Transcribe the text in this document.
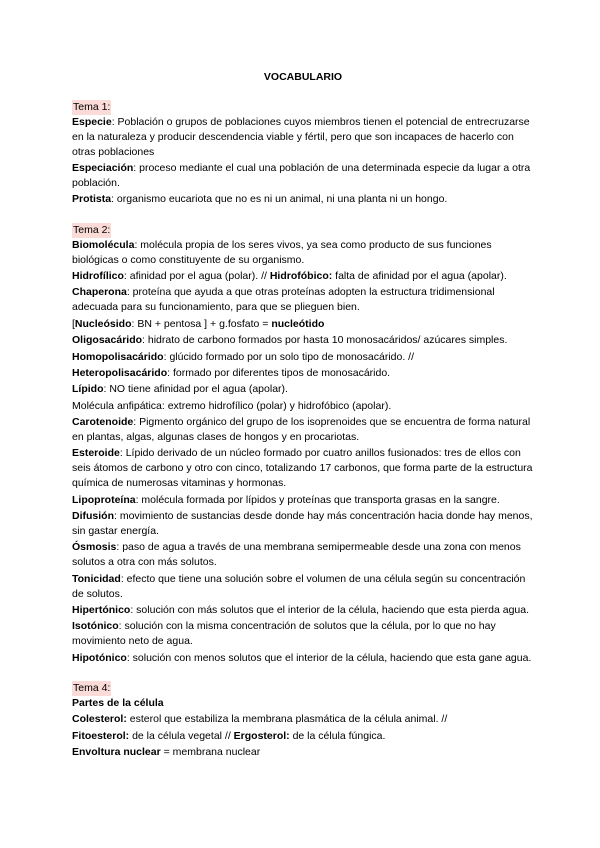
VOCABULARIO
Tema 1:
Especie: Población o grupos de poblaciones cuyos miembros tienen el potencial de entrecruzarse en la naturaleza y producir descendencia viable y fértil, pero que son incapaces de hacerlo con otras poblaciones
Especiación: proceso mediante el cual una población de una determinada especie da lugar a otra población.
Protista: organismo eucariota que no es ni un animal, ni una planta ni un hongo.
Tema 2:
Biomolécula: molécula propia de los seres vivos, ya sea como producto de sus funciones biológicas o como constituyente de su organismo.
Hidrofílico: afinidad por el agua (polar). // Hidrofóbico: falta de afinidad por el agua (apolar).
Chaperona: proteína que ayuda a que otras proteínas adopten la estructura tridimensional adecuada para su funcionamiento, para que se plieguen bien.
[Nucleósido: BN + pentosa ] + g.fosfato = nucleótido
Oligosacárido: hidrato de carbono formados por hasta 10 monosacáridos/ azúcares simples.
Homopolisacárido: glúcido formado por un solo tipo de monosacárido. //
Heteropolisacárido: formado por diferentes tipos de monosacárido.
Lípido: NO tiene afinidad por el agua (apolar).
Molécula anfipática: extremo hidrofílico (polar) y hidrofóbico (apolar).
Carotenoide: Pigmento orgánico del grupo de los isoprenoides que se encuentra de forma natural en plantas, algas, algunas clases de hongos y en procariotas.
Esteroide: Lípido derivado de un núcleo formado por cuatro anillos fusionados: tres de ellos con seis átomos de carbono y otro con cinco, totalizando 17 carbonos, que forma parte de la estructura química de numerosas vitaminas y hormonas.
Lipoproteína: molécula formada por lípidos y proteínas que transporta grasas en la sangre.
Difusión: movimiento de sustancias desde donde hay más concentración hacia donde hay menos, sin gastar energía.
Ósmosis: paso de agua a través de una membrana semipermeable desde una zona con menos solutos a otra con más solutos.
Tonicidad: efecto que tiene una solución sobre el volumen de una célula según su concentración de solutos.
Hipertónico: solución con más solutos que el interior de la célula, haciendo que esta pierda agua.
Isotónico: solución con la misma concentración de solutos que la célula, por lo que no hay movimiento neto de agua.
Hipotónico: solución con menos solutos que el interior de la célula, haciendo que esta gane agua.
Tema 4:
Partes de la célula
Colesterol: esterol que estabiliza la membrana plasmática de la célula animal. //
Fitoesterol: de la célula vegetal // Ergosterol: de la célula fúngica.
Envoltura nuclear = membrana nuclear
